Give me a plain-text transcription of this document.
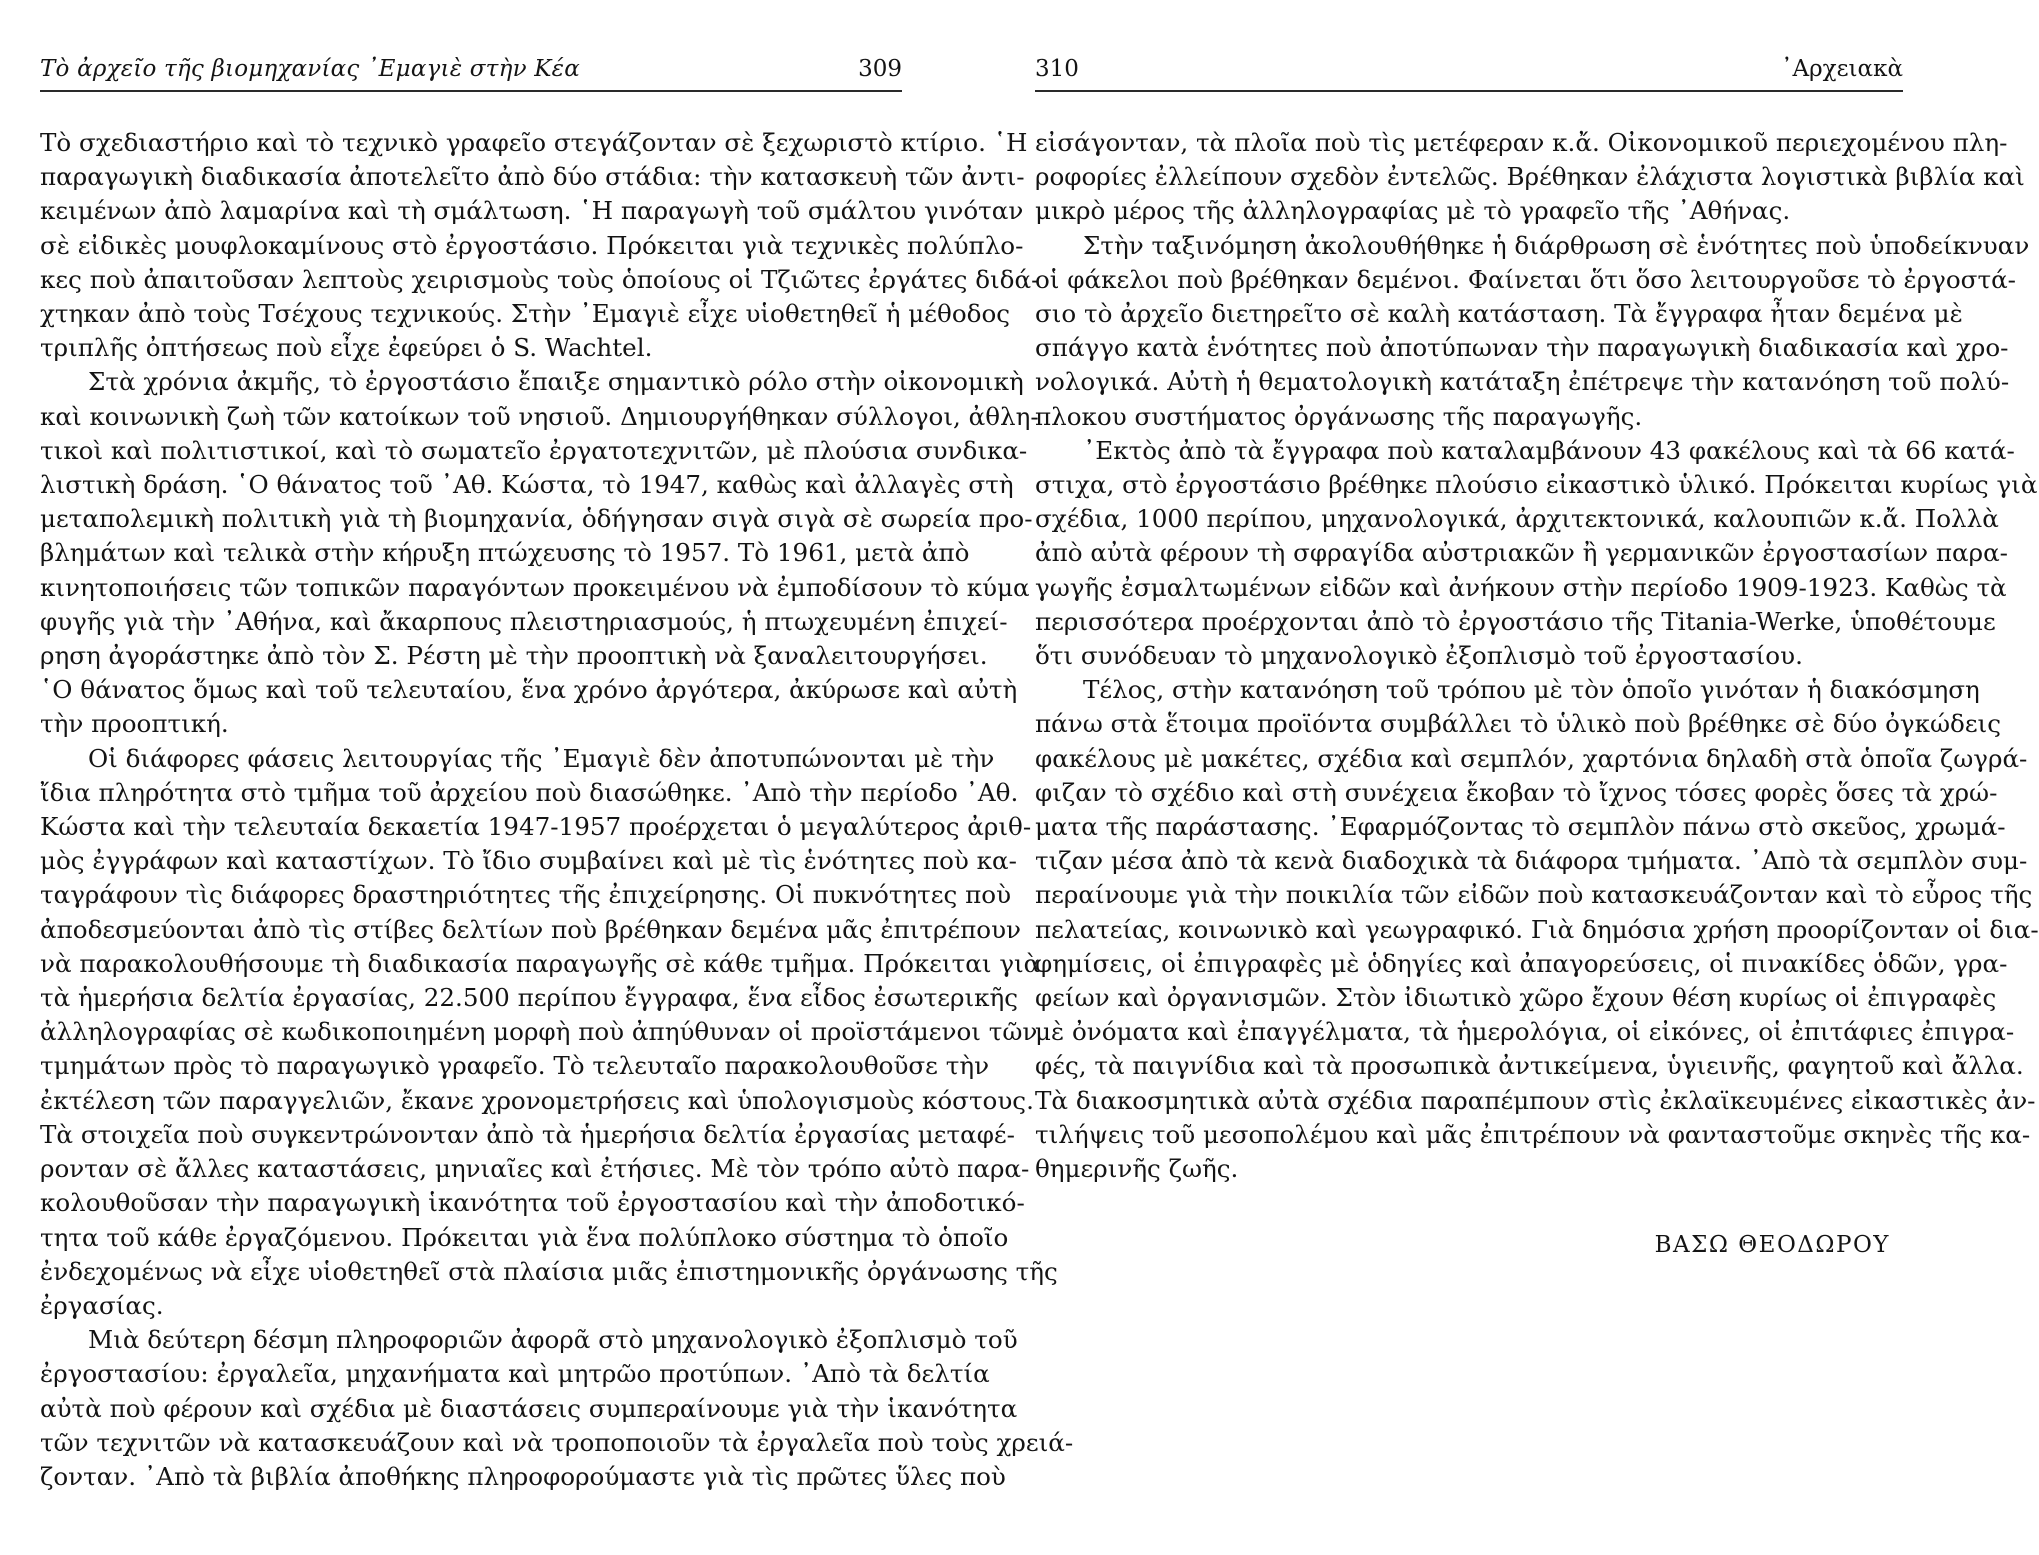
Τὸ ἀρχεῖο τῆς βιομηχανίας ᾿Εμαγιὲ στὴν Κέα	309
Τὸ σχεδιαστήριο καὶ τὸ τεχνικὸ γραφεῖο στεγάζονταν σὲ ξεχωριστὸ κτίριο. ῾Η
παραγωγικὴ διαδικασία ἀποτελεῖτο ἀπὸ δύο στάδια: τὴν κατασκευὴ τῶν ἀντι-
κειμένων ἀπὸ λαμαρίνα καὶ τὴ σμάλτωση. ῾Η παραγωγὴ τοῦ σμάλτου γινόταν
σὲ εἰδικὲς μουφλοκαμίνους στὸ ἐργοστάσιο. Πρόκειται γιὰ τεχνικὲς πολύπλο-
κες ποὺ ἀπαιτοῦσαν λεπτοὺς χειρισμοὺς τοὺς ὁποίους οἱ Τζιῶτες ἐργάτες διδά-
χτηκαν ἀπὸ τοὺς Τσέχους τεχνικούς. Στὴν ᾿Εμαγιὲ εἶχε υἱοθετηθεῖ ἡ μέθοδος
τριπλῆς ὀπτήσεως ποὺ εἶχε ἐφεύρει ὁ S. Wachtel.
Στὰ χρόνια ἀκμῆς, τὸ ἐργοστάσιο ἔπαιξε σημαντικὸ ρόλο στὴν οἰκονομικὴ
καὶ κοινωνικὴ ζωὴ τῶν κατοίκων τοῦ νησιοῦ. Δημιουργήθηκαν σύλλογοι, ἀθλη-
τικοὶ καὶ πολιτιστικοί, καὶ τὸ σωματεῖο ἐργατοτεχνιτῶν, μὲ πλούσια συνδικα-
λιστικὴ δράση. ῾Ο θάνατος τοῦ ᾿Αθ. Κώστα, τὸ 1947, καθὼς καὶ ἀλλαγὲς στὴ
μεταπολεμικὴ πολιτικὴ γιὰ τὴ βιομηχανία, ὁδήγησαν σιγὰ σιγὰ σὲ σωρεία προ-
βλημάτων καὶ τελικὰ στὴν κήρυξη πτώχευσης τὸ 1957. Τὸ 1961, μετὰ ἀπὸ
κινητοποιήσεις τῶν τοπικῶν παραγόντων προκειμένου νὰ ἐμποδίσουν τὸ κύμα
φυγῆς γιὰ τὴν ᾿Αθήνα, καὶ ἄκαρπους πλειστηριασμούς, ἡ πτωχευμένη ἐπιχεί-
ρηση ἀγοράστηκε ἀπὸ τὸν Σ. Ρέστη μὲ τὴν προοπτικὴ νὰ ξαναλειτουργήσει.
῾Ο θάνατος ὅμως καὶ τοῦ τελευταίου, ἕνα χρόνο ἀργότερα, ἀκύρωσε καὶ αὐτὴ
τὴν προοπτική.
Οἱ διάφορες φάσεις λειτουργίας τῆς ᾿Εμαγιὲ δὲν ἀποτυπώνονται μὲ τὴν
ἴδια πληρότητα στὸ τμῆμα τοῦ ἀρχείου ποὺ διασώθηκε. ᾿Απὸ τὴν περίοδο ᾿Αθ.
Κώστα καὶ τὴν τελευταία δεκαετία 1947-1957 προέρχεται ὁ μεγαλύτερος ἀριθ-
μὸς ἐγγράφων καὶ καταστίχων. Τὸ ἴδιο συμβαίνει καὶ μὲ τὶς ἑνότητες ποὺ κα-
ταγράφουν τὶς διάφορες δραστηριότητες τῆς ἐπιχείρησης. Οἱ πυκνότητες ποὺ
ἀποδεσμεύονται ἀπὸ τὶς στίβες δελτίων ποὺ βρέθηκαν δεμένα μᾶς ἐπιτρέπουν
νὰ παρακολουθήσουμε τὴ διαδικασία παραγωγῆς σὲ κάθε τμῆμα. Πρόκειται γιὰ
τὰ ἡμερήσια δελτία ἐργασίας, 22.500 περίπου ἔγγραφα, ἕνα εἶδος ἐσωτερικῆς
ἀλληλογραφίας σὲ κωδικοποιημένη μορφὴ ποὺ ἀπηύθυναν οἱ προϊστάμενοι τῶν
τμημάτων πρὸς τὸ παραγωγικὸ γραφεῖο. Τὸ τελευταῖο παρακολουθοῦσε τὴν
ἐκτέλεση τῶν παραγγελιῶν, ἔκανε χρονομετρήσεις καὶ ὑπολογισμοὺς κόστους.
Τὰ στοιχεῖα ποὺ συγκεντρώνονταν ἀπὸ τὰ ἡμερήσια δελτία ἐργασίας μεταφέ-
ρονταν σὲ ἄλλες καταστάσεις, μηνιαῖες καὶ ἐτήσιες. Μὲ τὸν τρόπο αὐτὸ παρα-
κολουθοῦσαν τὴν παραγωγικὴ ἱκανότητα τοῦ ἐργοστασίου καὶ τὴν ἀποδοτικό-
τητα τοῦ κάθε ἐργαζόμενου. Πρόκειται γιὰ ἕνα πολύπλοκο σύστημα τὸ ὁποῖο
ἐνδεχομένως νὰ εἶχε υἱοθετηθεῖ στὰ πλαίσια μιᾶς ἐπιστημονικῆς ὀργάνωσης τῆς
ἐργασίας.
Μιὰ δεύτερη δέσμη πληροφοριῶν ἀφορᾶ στὸ μηχανολογικὸ ἐξοπλισμὸ τοῦ
ἐργοστασίου: ἐργαλεῖα, μηχανήματα καὶ μητρῶο προτύπων. ᾿Απὸ τὰ δελτία
αὐτὰ ποὺ φέρουν καὶ σχέδια μὲ διαστάσεις συμπεραίνουμε γιὰ τὴν ἱκανότητα
τῶν τεχνιτῶν νὰ κατασκευάζουν καὶ νὰ τροποποιοῦν τὰ ἐργαλεῖα ποὺ τοὺς χρειά-
ζονταν. ᾿Απὸ τὰ βιβλία ἀποθήκης πληροφορούμαστε γιὰ τὶς πρῶτες ὕλες ποὺ
310	᾿Αρχειακὰ
εἰσάγονταν, τὰ πλοῖα ποὺ τὶς μετέφεραν κ.ἄ. Οἰκονομικοῦ περιεχομένου πλη-
ροφορίες ἐλλείπουν σχεδὸν ἐντελῶς. Βρέθηκαν ἐλάχιστα λογιστικὰ βιβλία καὶ
μικρὸ μέρος τῆς ἀλληλογραφίας μὲ τὸ γραφεῖο τῆς ᾿Αθήνας.
Στὴν ταξινόμηση ἀκολουθήθηκε ἡ διάρθρωση σὲ ἑνότητες ποὺ ὑποδείκνυαν
οἱ φάκελοι ποὺ βρέθηκαν δεμένοι. Φαίνεται ὅτι ὅσο λειτουργοῦσε τὸ ἐργοστά-
σιο τὸ ἀρχεῖο διετηρεῖτο σὲ καλὴ κατάσταση. Τὰ ἔγγραφα ἦταν δεμένα μὲ
σπάγγο κατὰ ἑνότητες ποὺ ἀποτύπωναν τὴν παραγωγικὴ διαδικασία καὶ χρο-
νολογικά. Αὐτὴ ἡ θεματολογικὴ κατάταξη ἐπέτρεψε τὴν κατανόηση τοῦ πολύ-
πλοκου συστήματος ὀργάνωσης τῆς παραγωγῆς.
᾿Εκτὸς ἀπὸ τὰ ἔγγραφα ποὺ καταλαμβάνουν 43 φακέλους καὶ τὰ 66 κατά-
στιχα, στὸ ἐργοστάσιο βρέθηκε πλούσιο εἰκαστικὸ ὑλικό. Πρόκειται κυρίως γιὰ
σχέδια, 1000 περίπου, μηχανολογικά, ἀρχιτεκτονικά, καλουπιῶν κ.ἄ. Πολλὰ
ἀπὸ αὐτὰ φέρουν τὴ σφραγίδα αὐστριακῶν ἢ γερμανικῶν ἐργοστασίων παρα-
γωγῆς ἐσμαλτωμένων εἰδῶν καὶ ἀνήκουν στὴν περίοδο 1909-1923. Καθὼς τὰ
περισσότερα προέρχονται ἀπὸ τὸ ἐργοστάσιο τῆς Titania-Werke, ὑποθέτουμε
ὅτι συνόδευαν τὸ μηχανολογικὸ ἐξοπλισμὸ τοῦ ἐργοστασίου.
Τέλος, στὴν κατανόηση τοῦ τρόπου μὲ τὸν ὁποῖο γινόταν ἡ διακόσμηση
πάνω στὰ ἕτοιμα προϊόντα συμβάλλει τὸ ὑλικὸ ποὺ βρέθηκε σὲ δύο ὀγκώδεις
φακέλους μὲ μακέτες, σχέδια καὶ σεμπλόν, χαρτόνια δηλαδὴ στὰ ὁποῖα ζωγρά-
φιζαν τὸ σχέδιο καὶ στὴ συνέχεια ἔκοβαν τὸ ἴχνος τόσες φορὲς ὅσες τὰ χρώ-
ματα τῆς παράστασης. ᾿Εφαρμόζοντας τὸ σεμπλὸν πάνω στὸ σκεῦος, χρωμά-
τιζαν μέσα ἀπὸ τὰ κενὰ διαδοχικὰ τὰ διάφορα τμήματα. ᾿Απὸ τὰ σεμπλὸν συμ-
περαίνουμε γιὰ τὴν ποικιλία τῶν εἰδῶν ποὺ κατασκευάζονταν καὶ τὸ εὖρος τῆς
πελατείας, κοινωνικὸ καὶ γεωγραφικό. Γιὰ δημόσια χρήση προορίζονταν οἱ δια-
φημίσεις, οἱ ἐπιγραφὲς μὲ ὁδηγίες καὶ ἀπαγορεύσεις, οἱ πινακίδες ὁδῶν, γρα-
φείων καὶ ὀργανισμῶν. Στὸν ἰδιωτικὸ χῶρο ἔχουν θέση κυρίως οἱ ἐπιγραφὲς
μὲ ὀνόματα καὶ ἐπαγγέλματα, τὰ ἡμερολόγια, οἱ εἰκόνες, οἱ ἐπιτάφιες ἐπιγρα-
φές, τὰ παιγνίδια καὶ τὰ προσωπικὰ ἀντικείμενα, ὑγιεινῆς, φαγητοῦ καὶ ἄλλα.
Τὰ διακοσμητικὰ αὐτὰ σχέδια παραπέμπουν στὶς ἐκλαϊκευμένες εἰκαστικὲς ἀν-
τιλήψεις τοῦ μεσοπολέμου καὶ μᾶς ἐπιτρέπουν νὰ φανταστοῦμε σκηνὲς τῆς κα-
θημερινῆς ζωῆς.
ΒΑΣΩ ΘΕΟΔΩΡΟΥ
